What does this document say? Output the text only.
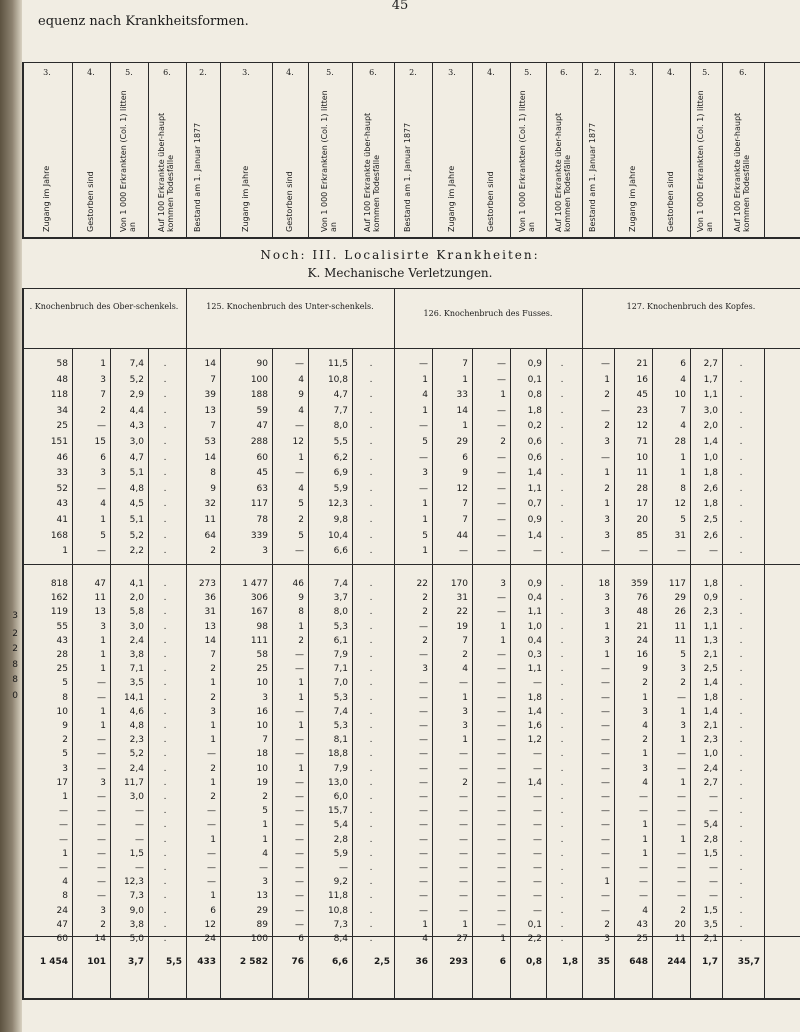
45
equenz nach Krankheitsformen.
3.
Zugang im Jahre
4.
Gestorben sind
5.
Von 1 000 Erkrankten (Col. 1) litten an
6.
Auf 100 Erkrankte über-haupt kommen Todesfälle
2.
Bestand am 1. Januar 1877
3.
Zugang im Jahre
4.
Gestorben sind
5.
Von 1 000 Erkrankten (Col. 1) litten an
6.
Auf 100 Erkrankte über-haupt kommen Todesfälle
2.
Bestand am 1. Januar 1877
3.
Zugang im Jahre
4.
Gestorben sind
5.
Von 1 000 Erkrankten (Col. 1) litten an
6.
Auf 100 Erkrankte über-haupt kommen Todesfälle
2.
Bestand am 1. Januar 1877
3.
Zugang im Jahre
4.
Gestorben sind
5.
Von 1 000 Erkrankten (Col. 1) litten an
6.
Auf 100 Erkrankte über-haupt kommen Todesfälle
Noch: III. Localisirte Krankheiten:
K. Mechanische Verletzungen.
. Knochenbruch des Ober-schenkels.	125. Knochenbruch des Unter-schenkels.
126. Knochenbruch des Fusses.
127. Knochenbruch des Kopfes.
58	1	7,4	.	14	90	—	11,5	.	—	7	—	0,9	.	—	21	6	2,7	.
48	3	5,2	.	7	100	4	10,8	.	1	1	—	0,1	.	1	16	4	1,7	.
118	7	2,9	.	39	188	9	4,7	.	4	33	1	0,8	.	2	45	10	1,1	.
34	2	4,4	.	13	59	4	7,7	.	1	14	—	1,8	.	—	23	7	3,0	.
25	—	4,3	.	7	47	—	8,0	.	—	1	—	0,2	.	2	12	4	2,0	.
151	15	3,0	.	53	288	12	5,5	.	5	29	2	0,6	.	3	71	28	1,4	.
46	6	4,7	.	14	60	1	6,2	.	—	6	—	0,6	.	—	10	1	1,0	.
33	3	5,1	.	8	45	—	6,9	.	3	9	—	1,4	.	1	11	1	1,8	.
52	—	4,8	.	9	63	4	5,9	.	—	12	—	1,1	.	2	28	8	2,6	.
43	4	4,5	.	32	117	5	12,3	.	1	7	—	0,7	.	1	17	12	1,8	.
41	1	5,1	.	11	78	2	9,8	.	1	7	—	0,9	.	3	20	5	2,5	.
168	5	5,2	.	64	339	5	10,4	.	5	44	—	1,4	.	3	85	31	2,6	.
1	—	2,2	.	2	3	—	6,6	.	1	—	—	—	.	—	—	—	—	.
818	47	4,1	.	273	1 477	46	7,4	.	22	170	3	0,9	.	18	359	117	1,8	.
162	11	2,0	.	36	306	9	3,7	.	2	31	—	0,4	.	3	76	29	0,9	.
119	13	5,8	.	31	167	8	8,0	.	2	22	—	1,1	.	3	48	26	2,3	.
55	3	3,0	.	13	98	1	5,3	.	—	19	1	1,0	.	1	21	11	1,1	.
43	1	2,4	.	14	111	2	6,1	.	2	7	1	0,4	.	3	24	11	1,3	.
28	1	3,8	.	7	58	—	7,9	.	—	2	—	0,3	.	1	16	5	2,1	.
25	1	7,1	.	2	25	—	7,1	.	3	4	—	1,1	.	—	9	3	2,5	.
5	—	3,5	.	1	10	1	7,0	.	—	—	—	—	.	—	2	2	1,4	.
8	—	14,1	.	2	3	1	5,3	.	—	1	—	1,8	.	—	1	—	1,8	.
10	1	4,6	.	3	16	—	7,4	.	—	3	—	1,4	.	—	3	1	1,4	.
9	1	4,8	.	1	10	1	5,3	.	—	3	—	1,6	.	—	4	3	2,1	.
2	—	2,3	.	1	7	—	8,1	.	—	1	—	1,2	.	—	2	1	2,3	.
5	—	5,2	.	—	18	—	18,8	.	—	—	—	—	.	—	1	—	1,0	.
3	—	2,4	.	2	10	1	7,9	.	—	—	—	—	.	—	3	—	2,4	.
17	3	11,7	.	1	19	—	13,0	.	—	2	—	1,4	.	—	4	1	2,7	.
1	—	3,0	.	2	2	—	6,0	.	—	—	—	—	.	—	—	—	—	.
—	—	—	.	—	5	—	15,7	.	—	—	—	—	.	—	—	—	—	.
—	—	—	.	—	1	—	5,4	.	—	—	—	—	.	—	1	—	5,4	.
—	—	—	.	1	1	—	2,8	.	—	—	—	—	.	—	1	1	2,8	.
1	—	1,5	.	—	4	—	5,9	.	—	—	—	—	.	—	1	—	1,5	.
—	—	—	.	—	—	—	—	.	—	—	—	—	.	—	—	—	—	.
4	—	12,3	.	—	3	—	9,2	.	—	—	—	—	.	1	—	—	—	.
8	—	7,3	.	1	13	—	11,8	.	—	—	—	—	.	—	—	—	—	.
24	3	9,0	.	6	29	—	10,8	.	—	—	—	—	.	—	4	2	1,5	.
47	2	3,8	.	12	89	—	7,3	.	1	1	—	0,1	.	2	43	20	3,5	.
60	14	5,0	.	24	100	6	8,4	.	4	27	1	2,2	.	3	25	11	2,1	.
3
2
2
8
8
0
1 454	101	3,7	5,5	433	2 582	76	6,6	2,5	36	293	6	0,8	1,8	35	648	244	1,7	35,7
